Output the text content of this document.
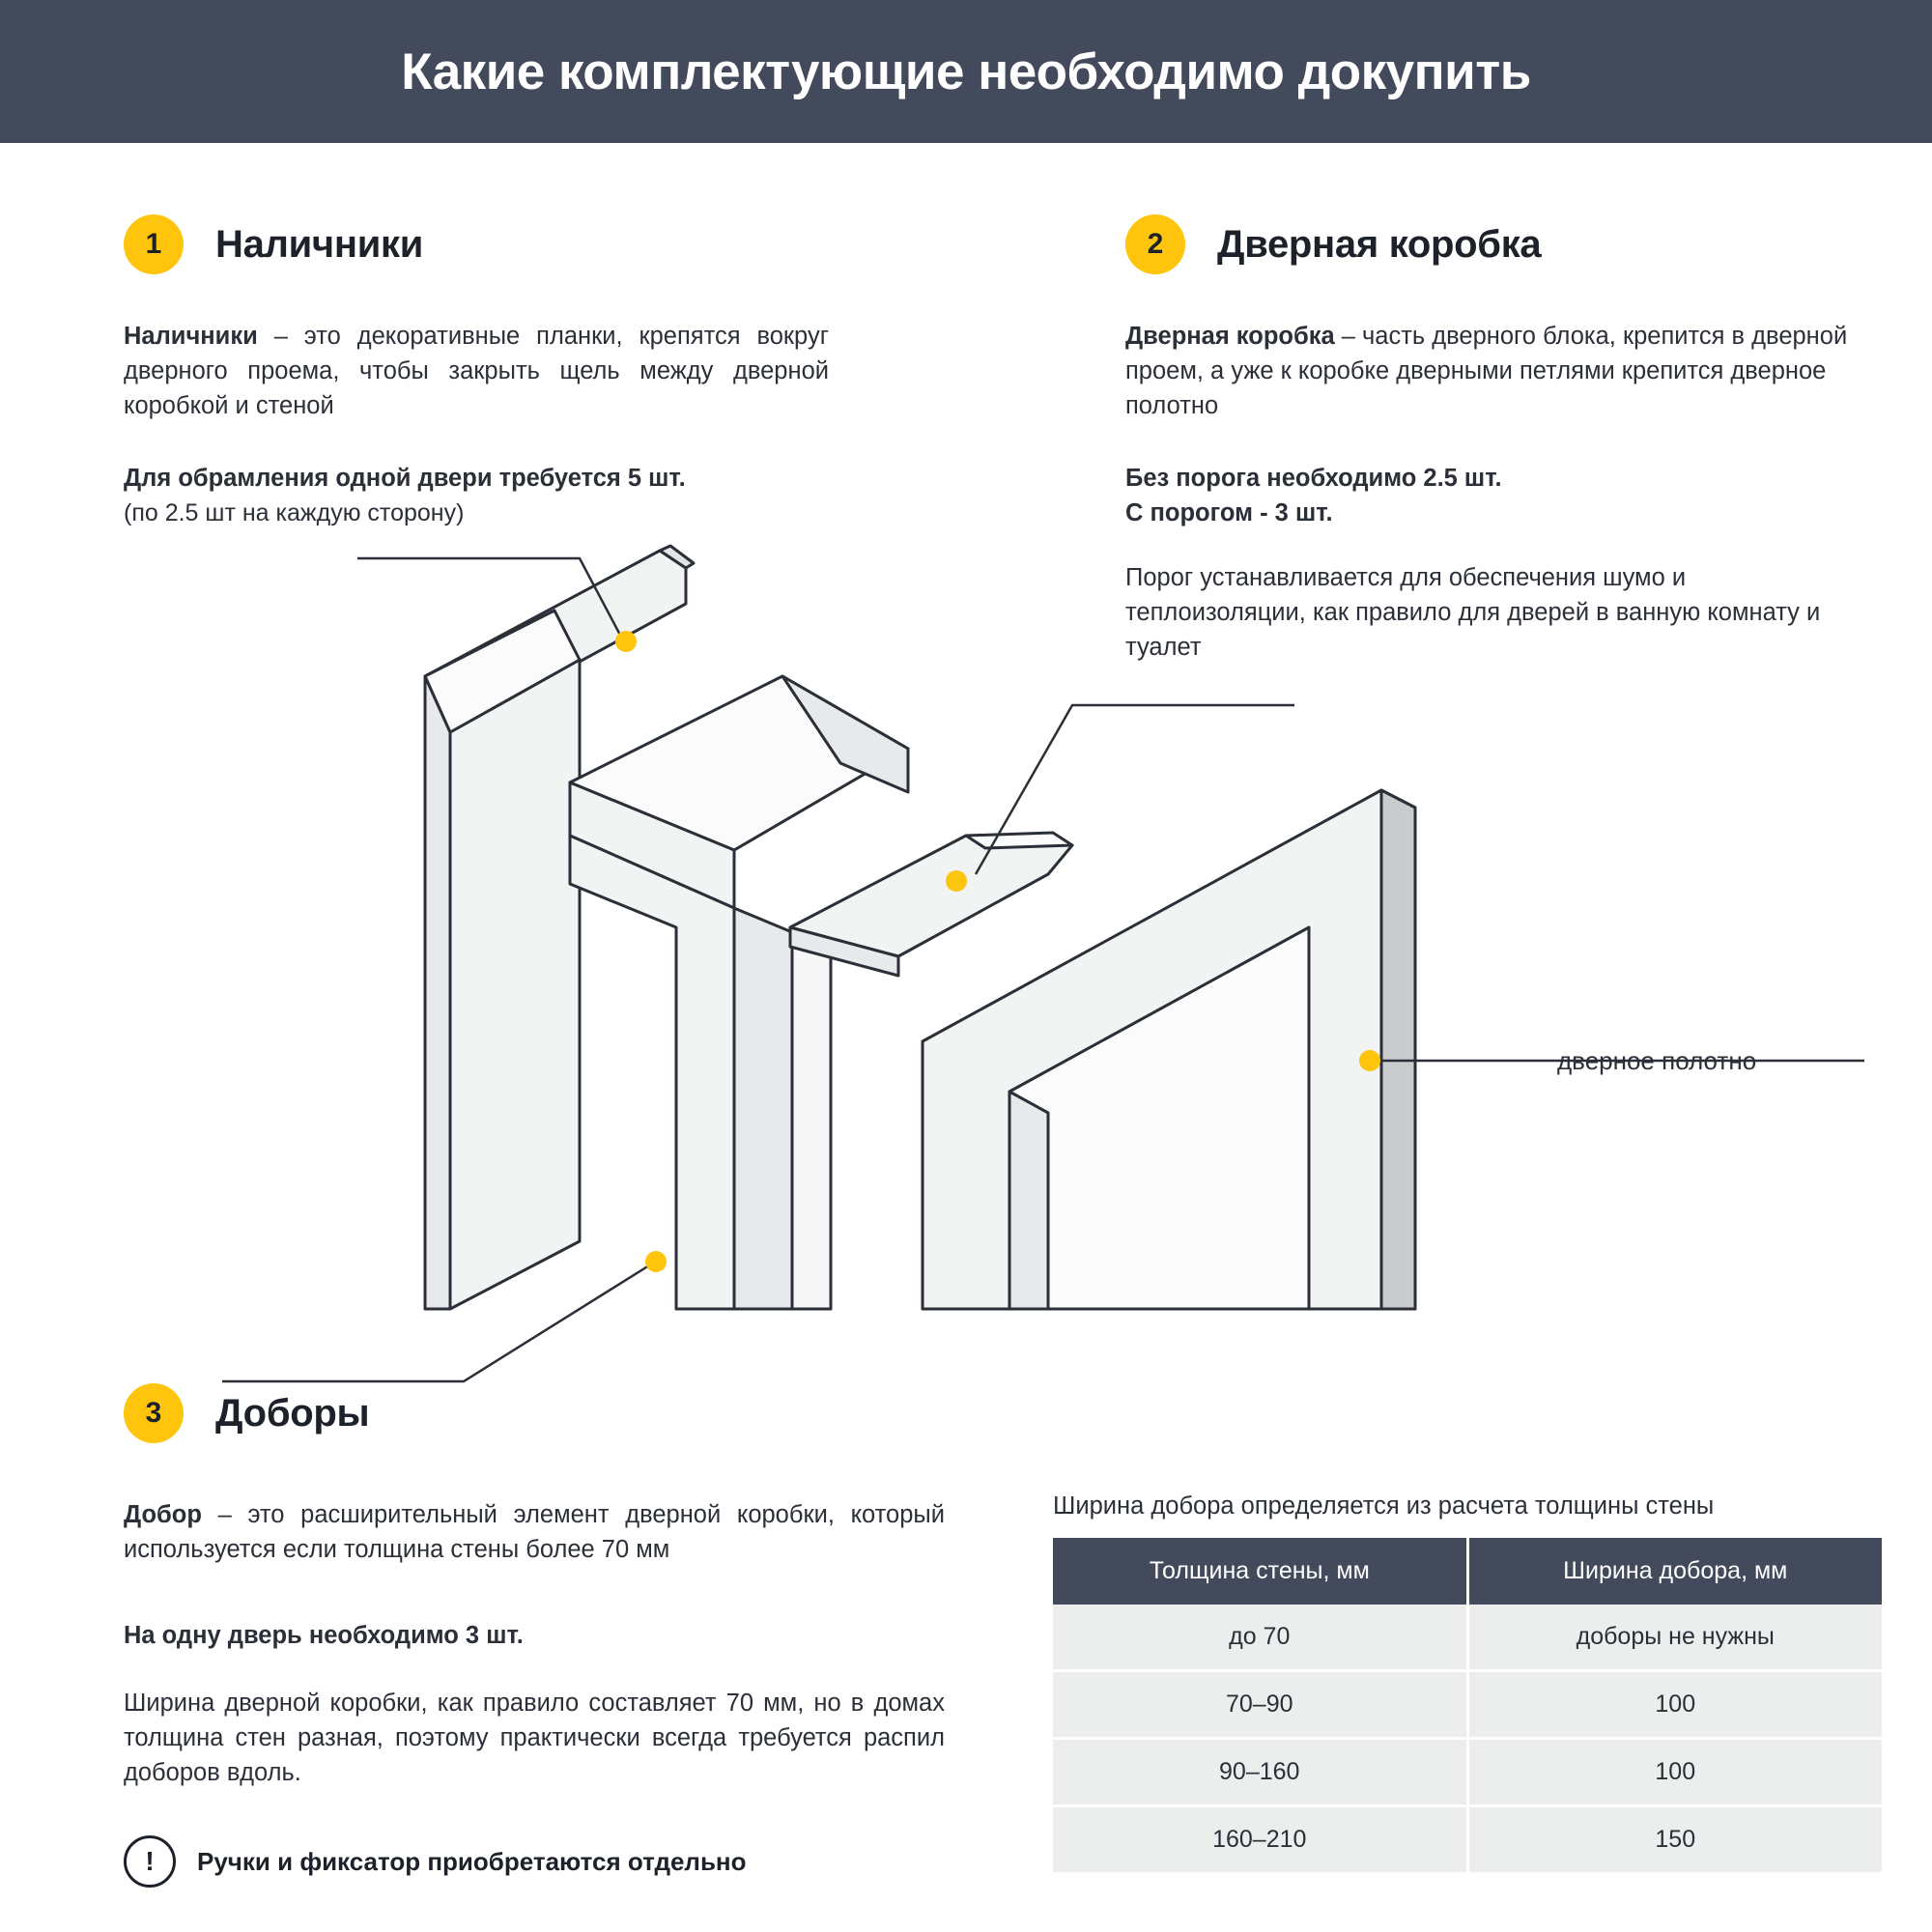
Какие комплектующие необходимо докупить
1	Наличники
Наличники – это декоративные планки, крепятся вокруг дверного проема, чтобы закрыть щель между дверной коробкой и стеной
Для обрамления одной двери требуется 5 шт.
(по 2.5 шт на каждую сторону)
2	Дверная коробка
Дверная коробка – часть дверного блока, крепится в дверной проем, а уже к коробке дверными петлями крепится дверное полотно
Без порога необходимо 2.5 шт.
С порогом - 3 шт.
Порог устанавливается для обеспечения шумо и теплоизоляции, как правило для дверей в ванную комнату и туалет
3	Доборы
Добор – это расширительный элемент дверной коробки, который используется если толщина стены более 70 мм
На одну дверь необходимо 3 шт.
Ширина дверной коробки, как правило составляет 70 мм, но в домах толщина стен разная, поэтому практически всегда требуется распил доборов вдоль.
!	Ручки и фиксатор приобретаются отдельно
дверное полотно
Ширина добора определяется из расчета толщины стены
Толщина стены, мм	Ширина добора, мм
до 70	доборы не нужны
70–90	100
90–160	100
160–210	150
